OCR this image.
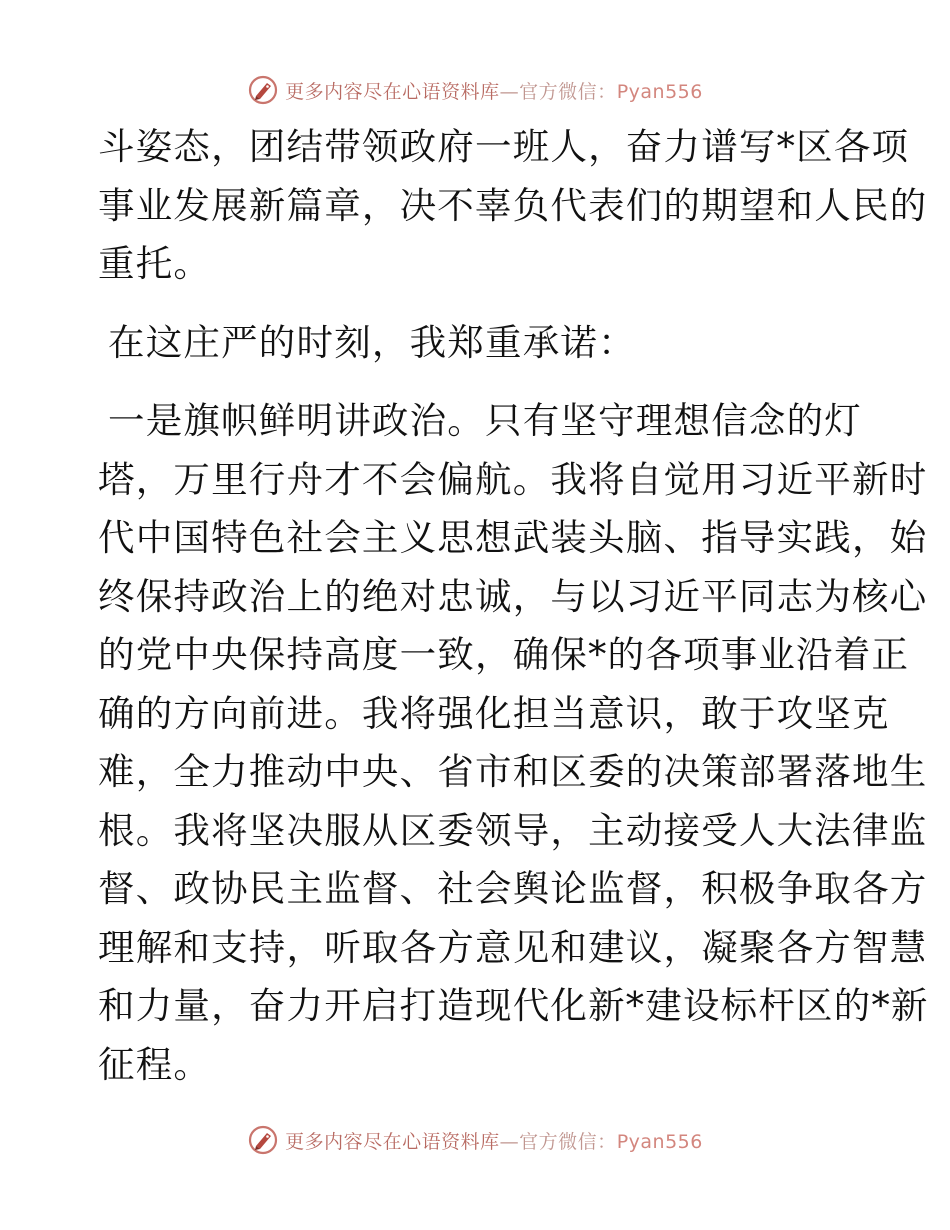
更多内容尽在心语资料库—官方微信：Pyan556
斗姿态，团结带领政府一班人，奋力谱写*区各项
事业发展新篇章，决不辜负代表们的期望和人民的
重托。
在这庄严的时刻，我郑重承诺：
一是旗帜鲜明讲政治。只有坚守理想信念的灯
塔，万里行舟才不会偏航。我将自觉用习近平新时
代中国特色社会主义思想武装头脑、指导实践，始
终保持政治上的绝对忠诚，与以习近平同志为核心
的党中央保持高度一致，确保*的各项事业沿着正
确的方向前进。我将强化担当意识，敢于攻坚克
难，全力推动中央、省市和区委的决策部署落地生
根。我将坚决服从区委领导，主动接受人大法律监
督、政协民主监督、社会舆论监督，积极争取各方
理解和支持，听取各方意见和建议，凝聚各方智慧
和力量，奋力开启打造现代化新*建设标杆区的*新
征程。
更多内容尽在心语资料库—官方微信：Pyan556
